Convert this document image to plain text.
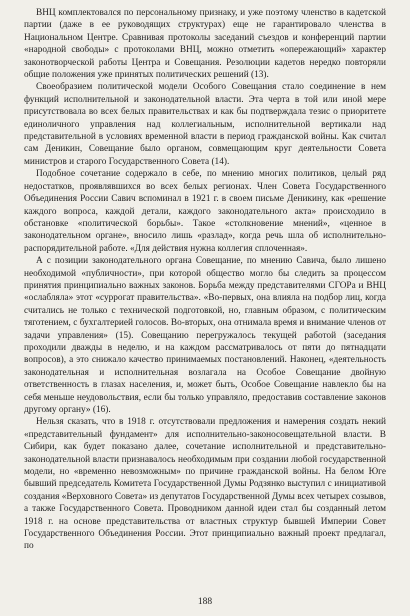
ВНЦ комплектовался по персональному признаку, и уже поэтому членство в кадетской партии (даже в ее руководящих структурах) еще не гарантировало членства в Национальном Центре. Сравнивая протоколы заседаний съездов и конференций партии «народной свободы» с протоколами ВНЦ, можно отметить «опережающий» характер законотворческой работы Центра и Совещания. Резолюции кадетов нередко повторяли общие положения уже принятых политических решений (13).

Своеобразием политической модели Особого Совещания стало соединение в нем функций исполнительной и законодательной власти. Эта черта в той или иной мере присутствовала во всех белых правительствах и как бы подтверждала тезис о приоритете единоличного управления над коллегиальным, исполнительной вертикали над представительной в условиях временной власти в период гражданской войны. Как считал сам Деникин, Совещание было органом, совмещающим круг деятельности Совета министров и старого Государственного Совета (14).

Подобное сочетание содержало в себе, по мнению многих политиков, целый ряд недостатков, проявлявшихся во всех белых регионах. Член Совета Государственного Объединения России Савич вспоминал в 1921 г. в своем письме Деникину, как «решение каждого вопроса, каждой детали, каждого законодательного акта» происходило в обстановке «политической борьбы». Такое «столкновение мнений», «ценное в законодательном органе», вносило лишь «разлад», когда речь шла об исполнительно-распорядительной работе. «Для действия нужна коллегия сплоченная».

А с позиции законодательного органа Совещание, по мнению Савича, было лишено необходимой «публичности», при которой общество могло бы следить за процессом принятия принципиально важных законов. Борьба между представителями СГОРа и ВНЦ «ослабляла» этот «суррогат правительства». «Во-первых, она влияла на подбор лиц, когда считались не только с технической подготовкой, но, главным образом, с политическим тяготением, с бухгалтерией голосов. Во-вторых, она отнимала время и внимание членов от задачи управления» (15). Совещанию перегружалось текущей работой (заседания проходили дважды в неделю, и на каждом рассматривалось от пяти до пятнадцати вопросов), а это снижало качество принимаемых постановлений. Наконец, «деятельность законодательная и исполнительная возлагала на Особое Совещание двойную ответственность в глазах населения, и, может быть, Особое Совещание навлекло бы на себя меньше неудовольствия, если бы только управляло, предоставив составление законов другому органу» (16).

Нельзя сказать, что в 1918 г. отсутствовали предложения и намерения создать некий «представительный фундамент» для исполнительно-законосовещательной власти. В Сибири, как будет показано далее, сочетание исполнительной и представительно-законодательной власти признавалось необходимым при создании любой государственной модели, но «временно невозможным» по причине гражданской войны. На белом Юге бывший председатель Комитета Государственной Думы Родзянко выступил с инициативой создания «Верховного Совета» из депутатов Государственной Думы всех четырех созывов, а также Государственного Совета. Проводником данной идеи стал бы созданный летом 1918 г. на основе представительства от властных структур бывшей Империи Совет Государственного Объединения России. Этот принципиально важный проект предлагал, по

188
